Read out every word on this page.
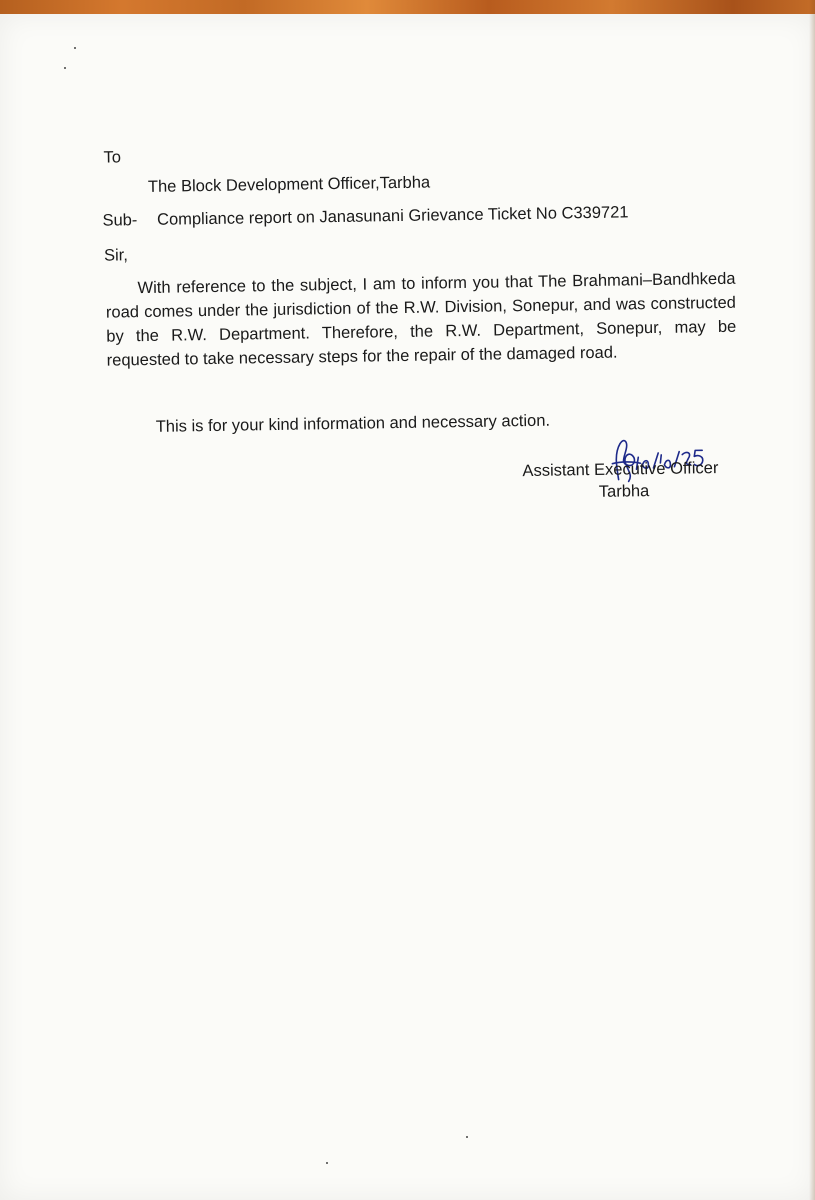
To
The Block Development Officer,Tarbha
Sub- Compliance report on Janasunani Grievance Ticket No C339721
Sir,
With reference to the subject, I am to inform you that The Brahmani–Bandhkeda road comes under the jurisdiction of the R.W. Division, Sonepur, and was constructed by the R.W. Department. Therefore, the R.W. Department, Sonepur, may be requested to take necessary steps for the repair of the damaged road.
This is for your kind information and necessary action.
Assistant Executive Officer
Tarbha
